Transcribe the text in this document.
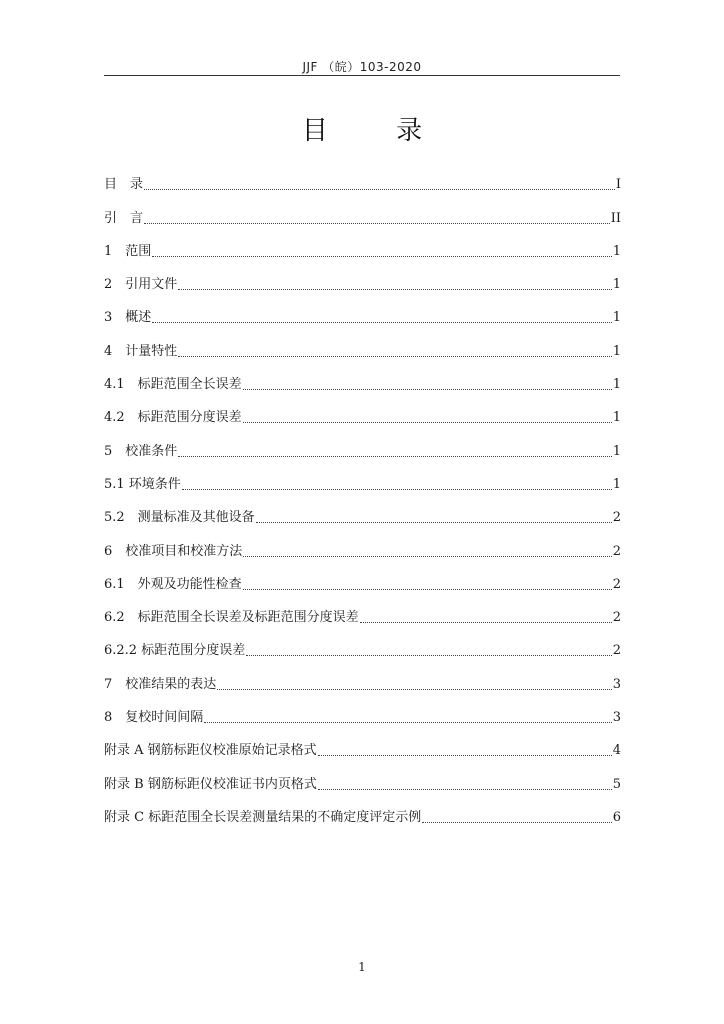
JJF （皖）103-2020
目 录
目　录	I
引　言	II
1　范围	1
2　引用文件	1
3　概述	1
4　计量特性	1
4.1　标距范围全长误差	1
4.2　标距范围分度误差	1
5　校准条件	1
5.1 环境条件	1
5.2　测量标准及其他设备	2
6　校准项目和校准方法	2
6.1　外观及功能性检查	2
6.2　标距范围全长误差及标距范围分度误差	2
6.2.2 标距范围分度误差	2
7　校准结果的表达	3
8　复校时间间隔	3
附录 A 钢筋标距仪校准原始记录格式	4
附录 B 钢筋标距仪校准证书内页格式	5
附录 C 标距范围全长误差测量结果的不确定度评定示例	6
1
